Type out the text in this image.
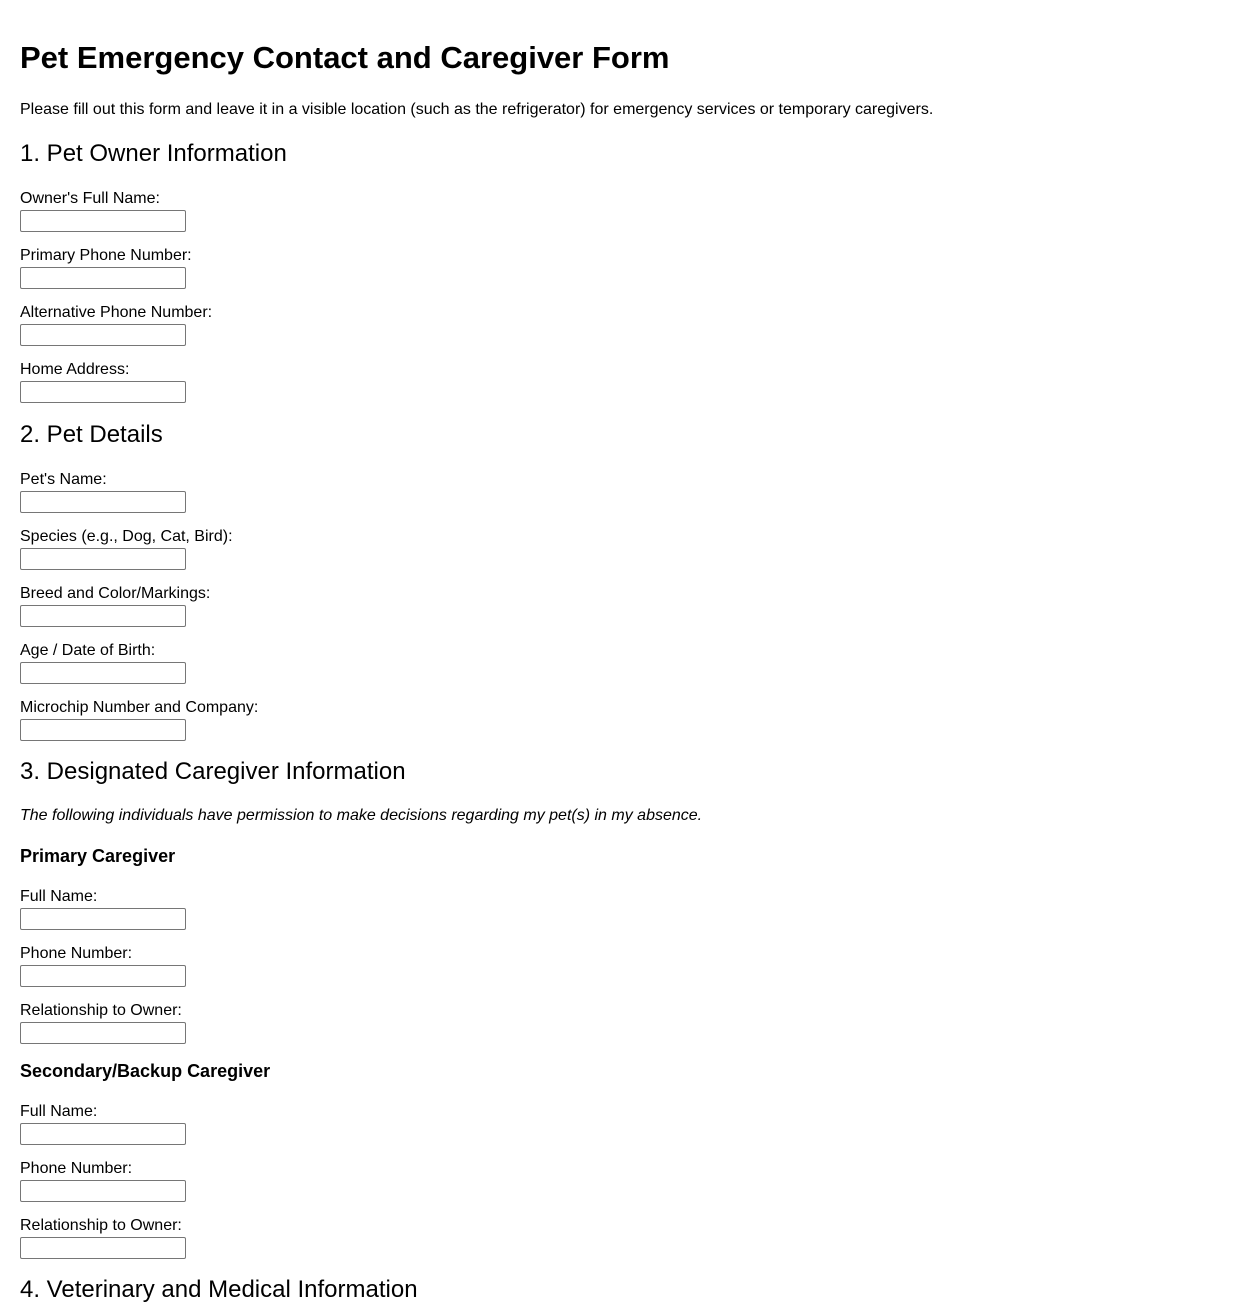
Pet Emergency Contact and Caregiver Form

Please fill out this form and leave it in a visible location (such as the refrigerator) for emergency services or temporary caregivers.

1. Pet Owner Information
Owner's Full Name:
Primary Phone Number:
Alternative Phone Number:
Home Address:
2. Pet Details
Pet's Name:
Species (e.g., Dog, Cat, Bird):
Breed and Color/Markings:
Age / Date of Birth:
Microchip Number and Company:
3. Designated Caregiver Information

The following individuals have permission to make decisions regarding my pet(s) in my absence.

Primary Caregiver
Full Name:
Phone Number:
Relationship to Owner:
Secondary/Backup Caregiver
Full Name:
Phone Number:
Relationship to Owner:
4. Veterinary and Medical Information
